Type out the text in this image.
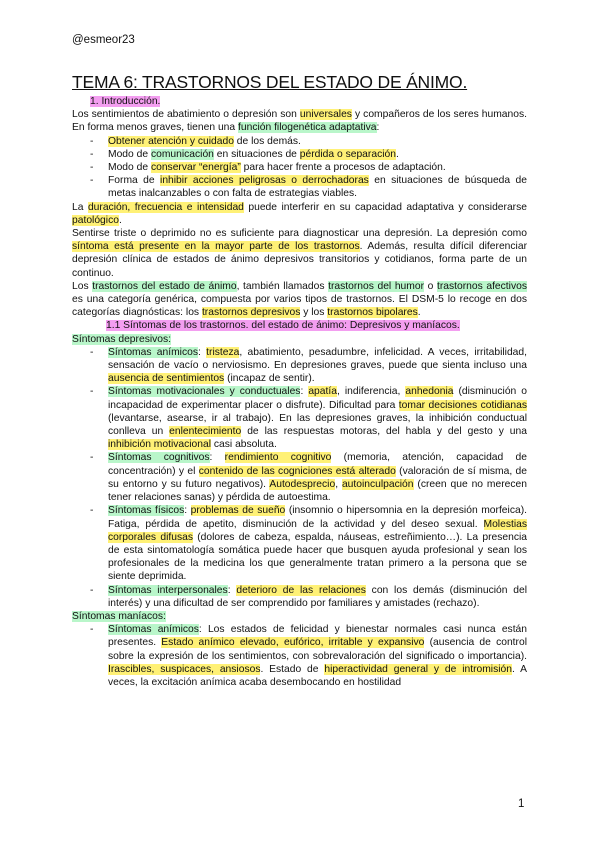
@esmeor23
TEMA 6: TRASTORNOS DEL ESTADO DE ÁNIMO.

1. Introducción.

Los sentimientos de abatimiento o depresión son universales y compañeros de los seres humanos. En forma menos graves, tienen una función filogenética adaptativa:

- Obtener atención y cuidado de los demás.
- Modo de comunicación en situaciones de pérdida o separación.
- Modo de conservar “energía” para hacer frente a procesos de adaptación.
- Forma de inhibir acciones peligrosas o derrochadoras en situaciones de búsqueda de metas inalcanzables o con falta de estrategias viables.

La duración, frecuencia e intensidad puede interferir en su capacidad adaptativa y considerarse patológico.

Sentirse triste o deprimido no es suficiente para diagnosticar una depresión. La depresión como síntoma está presente en la mayor parte de los trastornos. Además, resulta difícil diferenciar depresión clínica de estados de ánimo depresivos transitorios y cotidianos, forma parte de un continuo.

Los trastornos del estado de ánimo, también llamados trastornos del humor o trastornos afectivos es una categoría genérica, compuesta por varios tipos de trastornos. El DSM-5 lo recoge en dos categorías diagnósticas: los trastornos depresivos y los trastornos bipolares.

1.1 Síntomas de los trastornos. del estado de ánimo: Depresivos y maníacos.

Síntomas depresivos:

- Síntomas anímicos: tristeza, abatimiento, pesadumbre, infelicidad. A veces, irritabilidad, sensación de vacío o nerviosismo. En depresiones graves, puede que sienta incluso una ausencia de sentimientos (incapaz de sentir).
- Síntomas motivacionales y conductuales: apatía, indiferencia, anhedonia (disminución o incapacidad de experimentar placer o disfrute). Dificultad para tomar decisiones cotidianas (levantarse, asearse, ir al trabajo). En las depresiones graves, la inhibición conductual conlleva un enlentecimiento de las respuestas motoras, del habla y del gesto y una inhibición motivacional casi absoluta.
- Síntomas cognitivos: rendimiento cognitivo (memoria, atención, capacidad de concentración) y el contenido de las cogniciones está alterado (valoración de sí misma, de su entorno y su futuro negativos). Autodesprecio, autoinculpación (creen que no merecen tener relaciones sanas) y pérdida de autoestima.
- Síntomas físicos: problemas de sueño (insomnio o hipersomnia en la depresión morfeica). Fatiga, pérdida de apetito, disminución de la actividad y del deseo sexual. Molestias corporales difusas (dolores de cabeza, espalda, náuseas, estreñimiento…). La presencia de esta sintomatología somática puede hacer que busquen ayuda profesional y sean los profesionales de la medicina los que generalmente tratan primero a la persona que se siente deprimida.
- Síntomas interpersonales: deterioro de las relaciones con los demás (disminución del interés) y una dificultad de ser comprendido por familiares y amistades (rechazo).

Síntomas maníacos:

- Síntomas anímicos: Los estados de felicidad y bienestar normales casi nunca están presentes. Estado anímico elevado, eufórico, irritable y expansivo (ausencia de control sobre la expresión de los sentimientos, con sobrevaloración del significado o importancia). Irascibles, suspicaces, ansiosos. Estado de hiperactividad general y de intromisión. A veces, la excitación anímica acaba desembocando en hostilidad
1
